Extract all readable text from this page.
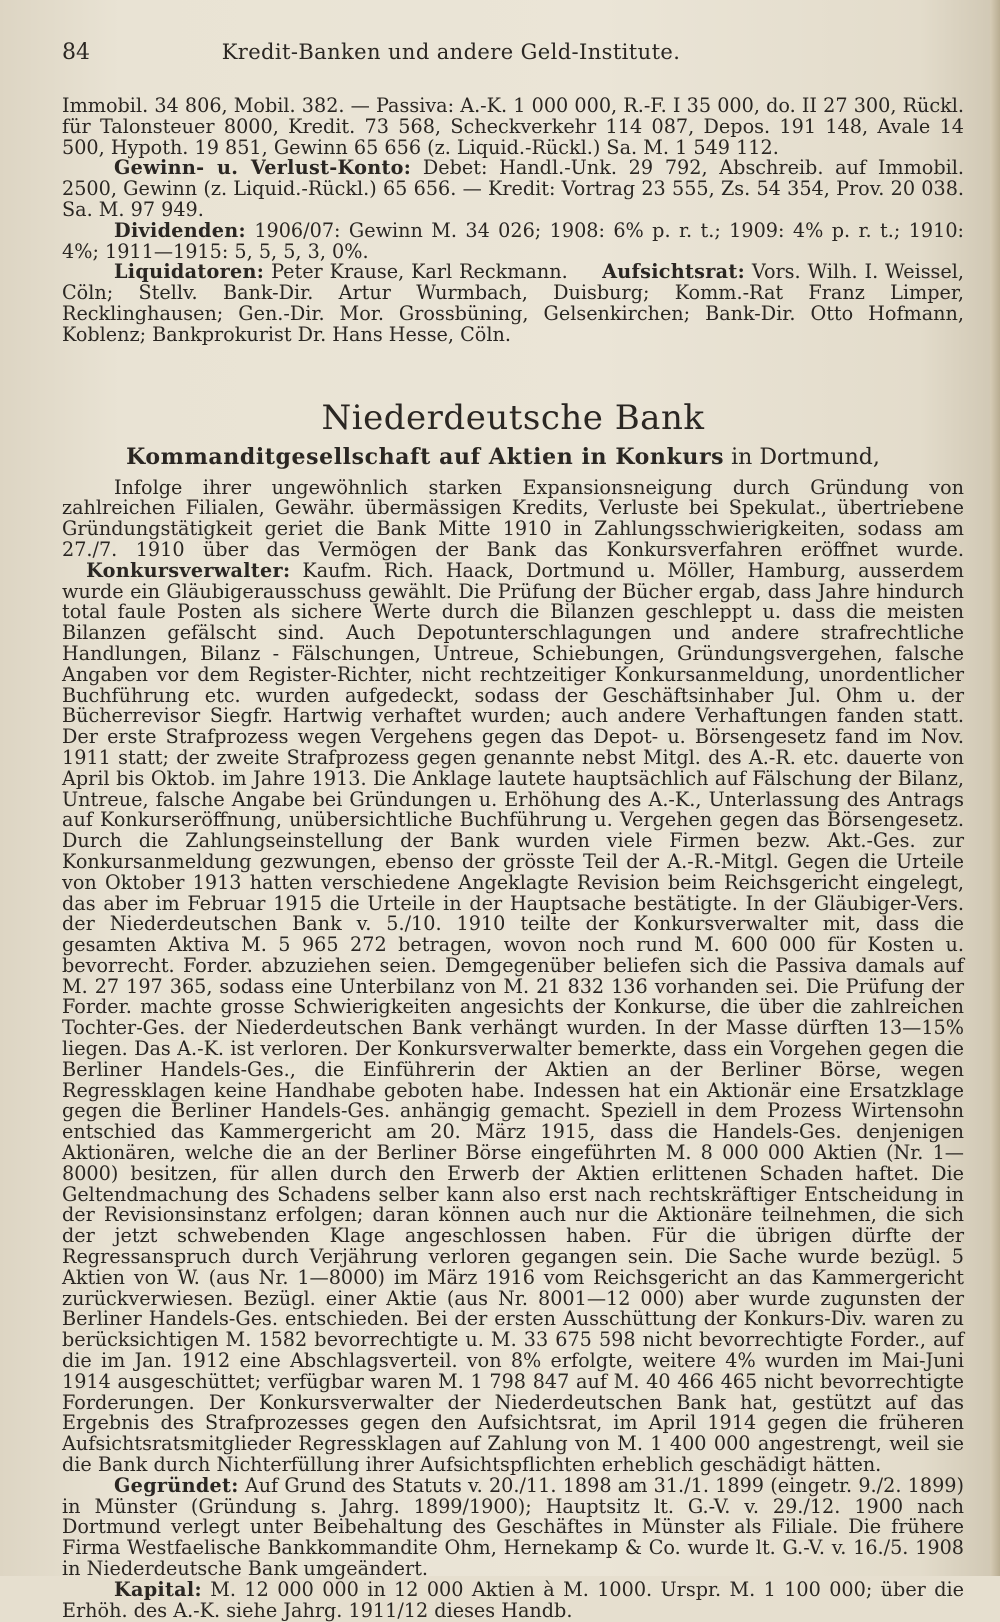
84	Kredit-Banken und andere Geld-Institute.

Immobil. 34 806, Mobil. 382. — Passiva: A.-K. 1 000 000, R.-F. I 35 000, do. II 27 300, Rückl. für Talonsteuer 8000, Kredit. 73 568, Scheckverkehr 114 087, Depos. 191 148, Avale 14 500, Hypoth. 19 851, Gewinn 65 656 (z. Liquid.-Rückl.) Sa. M. 1 549 112.

Gewinn- u. Verlust-Konto: Debet: Handl.-Unk. 29 792, Abschreib. auf Immobil. 2500, Gewinn (z. Liquid.-Rückl.) 65 656. — Kredit: Vortrag 23 555, Zs. 54 354, Prov. 20 038. Sa. M. 97 949.

Dividenden: 1906/07: Gewinn M. 34 026; 1908: 6% p. r. t.; 1909: 4% p. r. t.; 1910: 4%; 1911—1915: 5, 5, 5, 3, 0%.

Liquidatoren: Peter Krause, Karl Reckmann. Aufsichtsrat: Vors. Wilh. I. Weissel, Cöln; Stellv. Bank-Dir. Artur Wurmbach, Duisburg; Komm.-Rat Franz Limper, Recklinghausen; Gen.-Dir. Mor. Grossbüning, Gelsenkirchen; Bank-Dir. Otto Hofmann, Koblenz; Bankprokurist Dr. Hans Hesse, Cöln.

Niederdeutsche Bank
Kommanditgesellschaft auf Aktien in Konkurs in Dortmund,

Infolge ihrer ungewöhnlich starken Expansionsneigung durch Gründung von zahlreichen Filialen, Gewähr. übermässigen Kredits, Verluste bei Spekulat., übertriebene Gründungstätigkeit geriet die Bank Mitte 1910 in Zahlungsschwierigkeiten, sodass am 27./7. 1910 über das Vermögen der Bank das Konkursverfahren eröffnet wurde.   Konkursverwalter: Kaufm. Rich. Haack, Dortmund u. Möller, Hamburg, ausserdem wurde ein Gläubigerausschuss gewählt. Die Prüfung der Bücher ergab, dass Jahre hindurch total faule Posten als sichere Werte durch die Bilanzen geschleppt u. dass die meisten Bilanzen gefälscht sind. Auch Depotunterschlagungen und andere strafrechtliche Handlungen, Bilanz - Fälschungen, Untreue, Schiebungen, Gründungsvergehen, falsche Angaben vor dem Register-Richter, nicht rechtzeitiger Konkursanmeldung, unordentlicher Buchführung etc. wurden aufgedeckt, sodass der Geschäftsinhaber Jul. Ohm u. der Bücherrevisor Siegfr. Hartwig verhaftet wurden; auch andere Verhaftungen fanden statt. Der erste Strafprozess wegen Vergehens gegen das Depot- u. Börsengesetz fand im Nov. 1911 statt; der zweite Strafprozess gegen genannte nebst Mitgl. des A.-R. etc. dauerte von April bis Oktob. im Jahre 1913. Die Anklage lautete hauptsächlich auf Fälschung der Bilanz, Untreue, falsche Angabe bei Gründungen u. Erhöhung des A.-K., Unterlassung des Antrags auf Konkurseröffnung, unübersichtliche Buchführung u. Vergehen gegen das Börsengesetz. Durch die Zahlungseinstellung der Bank wurden viele Firmen bezw. Akt.-Ges. zur Konkursanmeldung gezwungen, ebenso der grösste Teil der A.-R.-Mitgl. Gegen die Urteile von Oktober 1913 hatten verschiedene Angeklagte Revision beim Reichsgericht eingelegt, das aber im Februar 1915 die Urteile in der Hauptsache bestätigte. In der Gläubiger-Vers. der Niederdeutschen Bank v. 5./10. 1910 teilte der Konkursverwalter mit, dass die gesamten Aktiva M. 5 965 272 betragen, wovon noch rund M. 600 000 für Kosten u. bevorrecht. Forder. abzuziehen seien. Demgegenüber beliefen sich die Passiva damals auf M. 27 197 365, sodass eine Unterbilanz von M. 21 832 136 vorhanden sei. Die Prüfung der Forder. machte grosse Schwierigkeiten angesichts der Konkurse, die über die zahlreichen Tochter-Ges. der Niederdeutschen Bank verhängt wurden. In der Masse dürften 13—15% liegen. Das A.-K. ist verloren. Der Konkursverwalter bemerkte, dass ein Vorgehen gegen die Berliner Handels-Ges., die Einführerin der Aktien an der Berliner Börse, wegen Regressklagen keine Handhabe geboten habe. Indessen hat ein Aktionär eine Ersatzklage gegen die Berliner Handels-Ges. anhängig gemacht. Speziell in dem Prozess Wirtensohn entschied das Kammergericht am 20. März 1915, dass die Handels-Ges. denjenigen Aktionären, welche die an der Berliner Börse eingeführten M. 8 000 000 Aktien (Nr. 1—8000) besitzen, für allen durch den Erwerb der Aktien erlittenen Schaden haftet. Die Geltendmachung des Schadens selber kann also erst nach rechtskräftiger Entscheidung in der Revisionsinstanz erfolgen; daran können auch nur die Aktionäre teilnehmen, die sich der jetzt schwebenden Klage angeschlossen haben. Für die übrigen dürfte der Regressanspruch durch Verjährung verloren gegangen sein. Die Sache wurde bezügl. 5 Aktien von W. (aus Nr. 1—8000) im März 1916 vom Reichsgericht an das Kammergericht zurückverwiesen. Bezügl. einer Aktie (aus Nr. 8001—12 000) aber wurde zugunsten der Berliner Handels-Ges. entschieden. Bei der ersten Ausschüttung der Konkurs-Div. waren zu berücksichtigen M. 1582 bevorrechtigte u. M. 33 675 598 nicht bevorrechtigte Forder., auf die im Jan. 1912 eine Abschlagsverteil. von 8% erfolgte, weitere 4% wurden im Mai-Juni 1914 ausgeschüttet; verfügbar waren M. 1 798 847 auf M. 40 466 465 nicht bevorrechtigte Forderungen. Der Konkursverwalter der Niederdeutschen Bank hat, gestützt auf das Ergebnis des Strafprozesses gegen den Aufsichtsrat, im April 1914 gegen die früheren Aufsichtsratsmitglieder Regressklagen auf Zahlung von M. 1 400 000 angestrengt, weil sie die Bank durch Nichterfüllung ihrer Aufsichtspflichten erheblich geschädigt hätten.

Gegründet: Auf Grund des Statuts v. 20./11. 1898 am 31./1. 1899 (eingetr. 9./2. 1899) in Münster (Gründung s. Jahrg. 1899/1900); Hauptsitz lt. G.-V. v. 29./12. 1900 nach Dortmund verlegt unter Beibehaltung des Geschäftes in Münster als Filiale. Die frühere Firma Westfaelische Bankkommandite Ohm, Hernekamp & Co. wurde lt. G.-V. v. 16./5. 1908 in Niederdeutsche Bank umgeändert.

Kapital: M. 12 000 000 in 12 000 Aktien à M. 1000. Urspr. M. 1 100 000; über die Erhöh. des A.-K. siehe Jahrg. 1911/12 dieses Handb.
